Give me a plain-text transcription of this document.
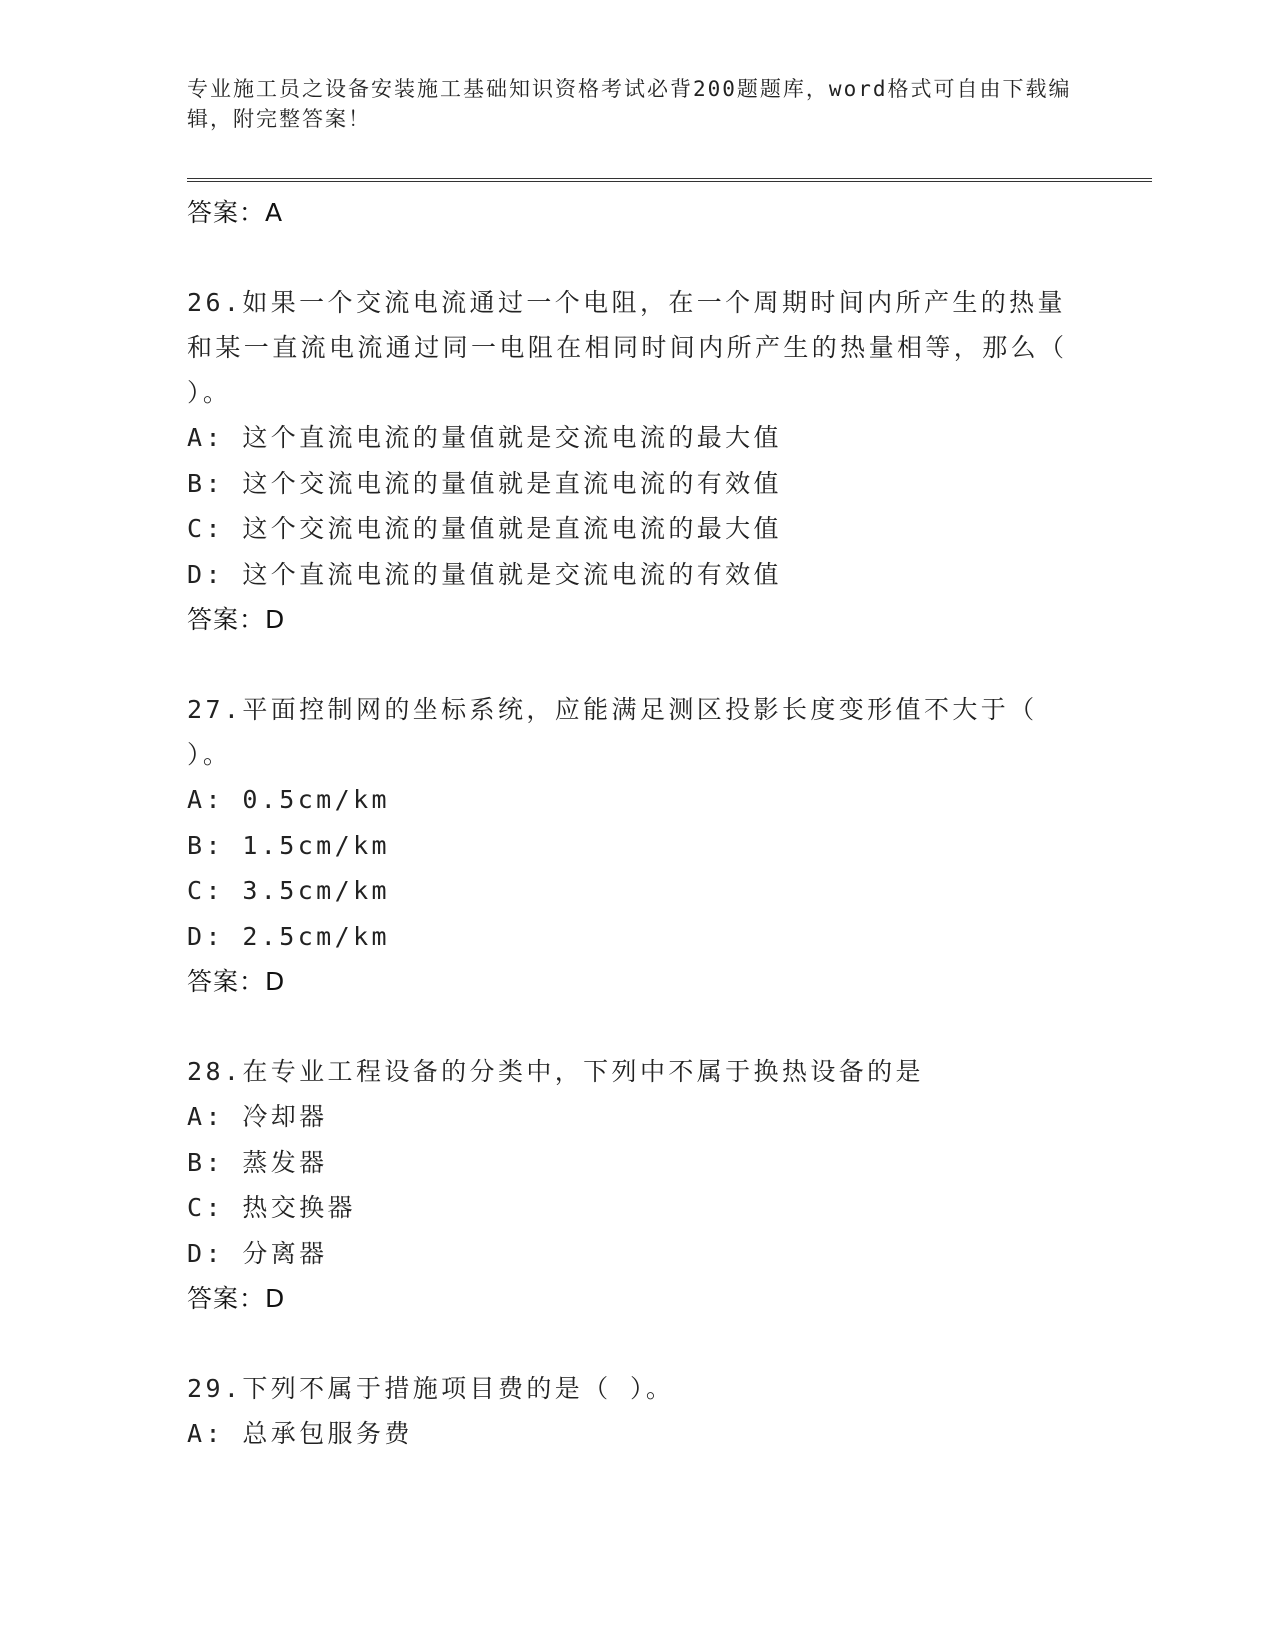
专业施工员之设备安装施工基础知识资格考试必背200题题库，word格式可自由下载编辑，附完整答案！
答案：A
26.如果一个交流电流通过一个电阻，在一个周期时间内所产生的热量和某一直流电流通过同一电阻在相同时间内所产生的热量相等，那么（ ）。
A: 这个直流电流的量值就是交流电流的最大值
B: 这个交流电流的量值就是直流电流的有效值
C: 这个交流电流的量值就是直流电流的最大值
D: 这个直流电流的量值就是交流电流的有效值
答案：D
27.平面控制网的坐标系统，应能满足测区投影长度变形值不大于（ ）。
A: 0.5cm/km
B: 1.5cm/km
C: 3.5cm/km
D: 2.5cm/km
答案：D
28.在专业工程设备的分类中，下列中不属于换热设备的是
A: 冷却器
B: 蒸发器
C: 热交换器
D: 分离器
答案：D
29.下列不属于措施项目费的是（ ）。
A: 总承包服务费
